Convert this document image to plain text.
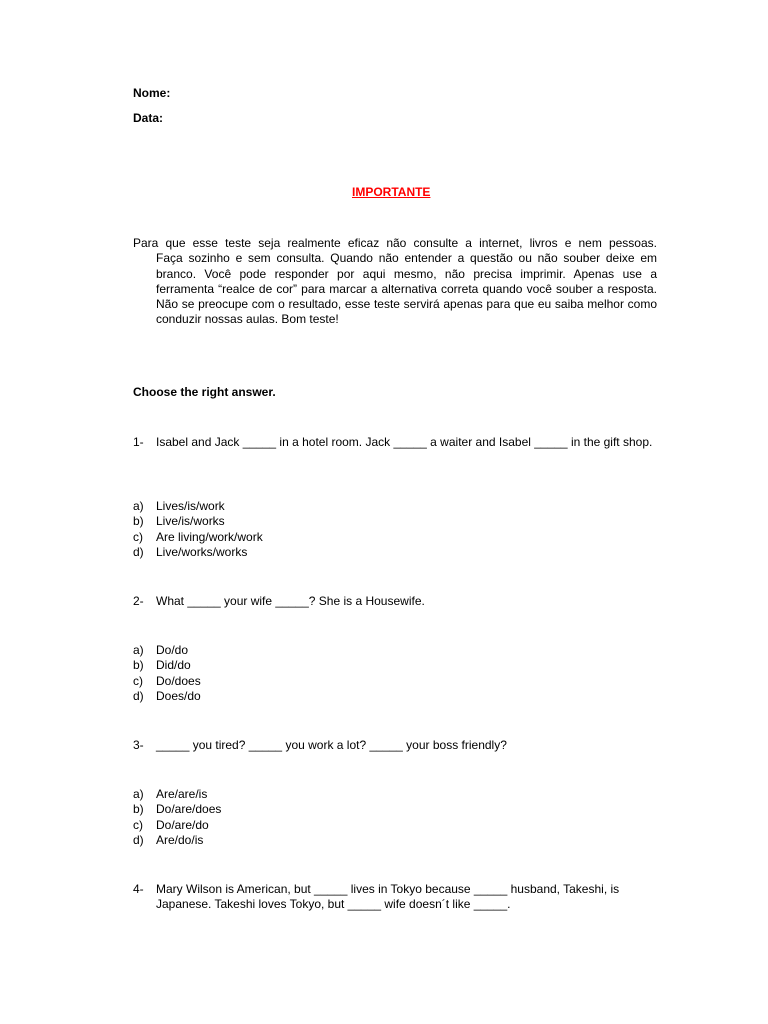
Nome:
Data:
IMPORTANTE
Para que esse teste seja realmente eficaz não consulte a internet, livros e nem pessoas.
Faça sozinho e sem consulta. Quando não entender a questão ou não souber deixe em branco. Você pode responder por aqui mesmo, não precisa imprimir. Apenas use a ferramenta “realce de cor” para marcar a alternativa correta quando você souber a resposta. Não se preocupe com o resultado, esse teste servirá apenas para que eu saiba melhor como conduzir nossas aulas. Bom teste!
Choose the right answer.
1- Isabel and Jack _____ in a hotel room. Jack _____ a waiter and Isabel _____ in the gift shop.
a) Lives/is/work
b) Live/is/works
c) Are living/work/work
d) Live/works/works
2- What _____ your wife _____? She is a Housewife.
a) Do/do
b) Did/do
c) Do/does
d) Does/do
3- _____ you tired? _____ you work a lot? _____ your boss friendly?
a) Are/are/is
b) Do/are/does
c) Do/are/do
d) Are/do/is
4- Mary Wilson is American, but _____ lives in Tokyo because _____ husband, Takeshi, is Japanese. Takeshi loves Tokyo, but _____ wife doesn´t like _____.
